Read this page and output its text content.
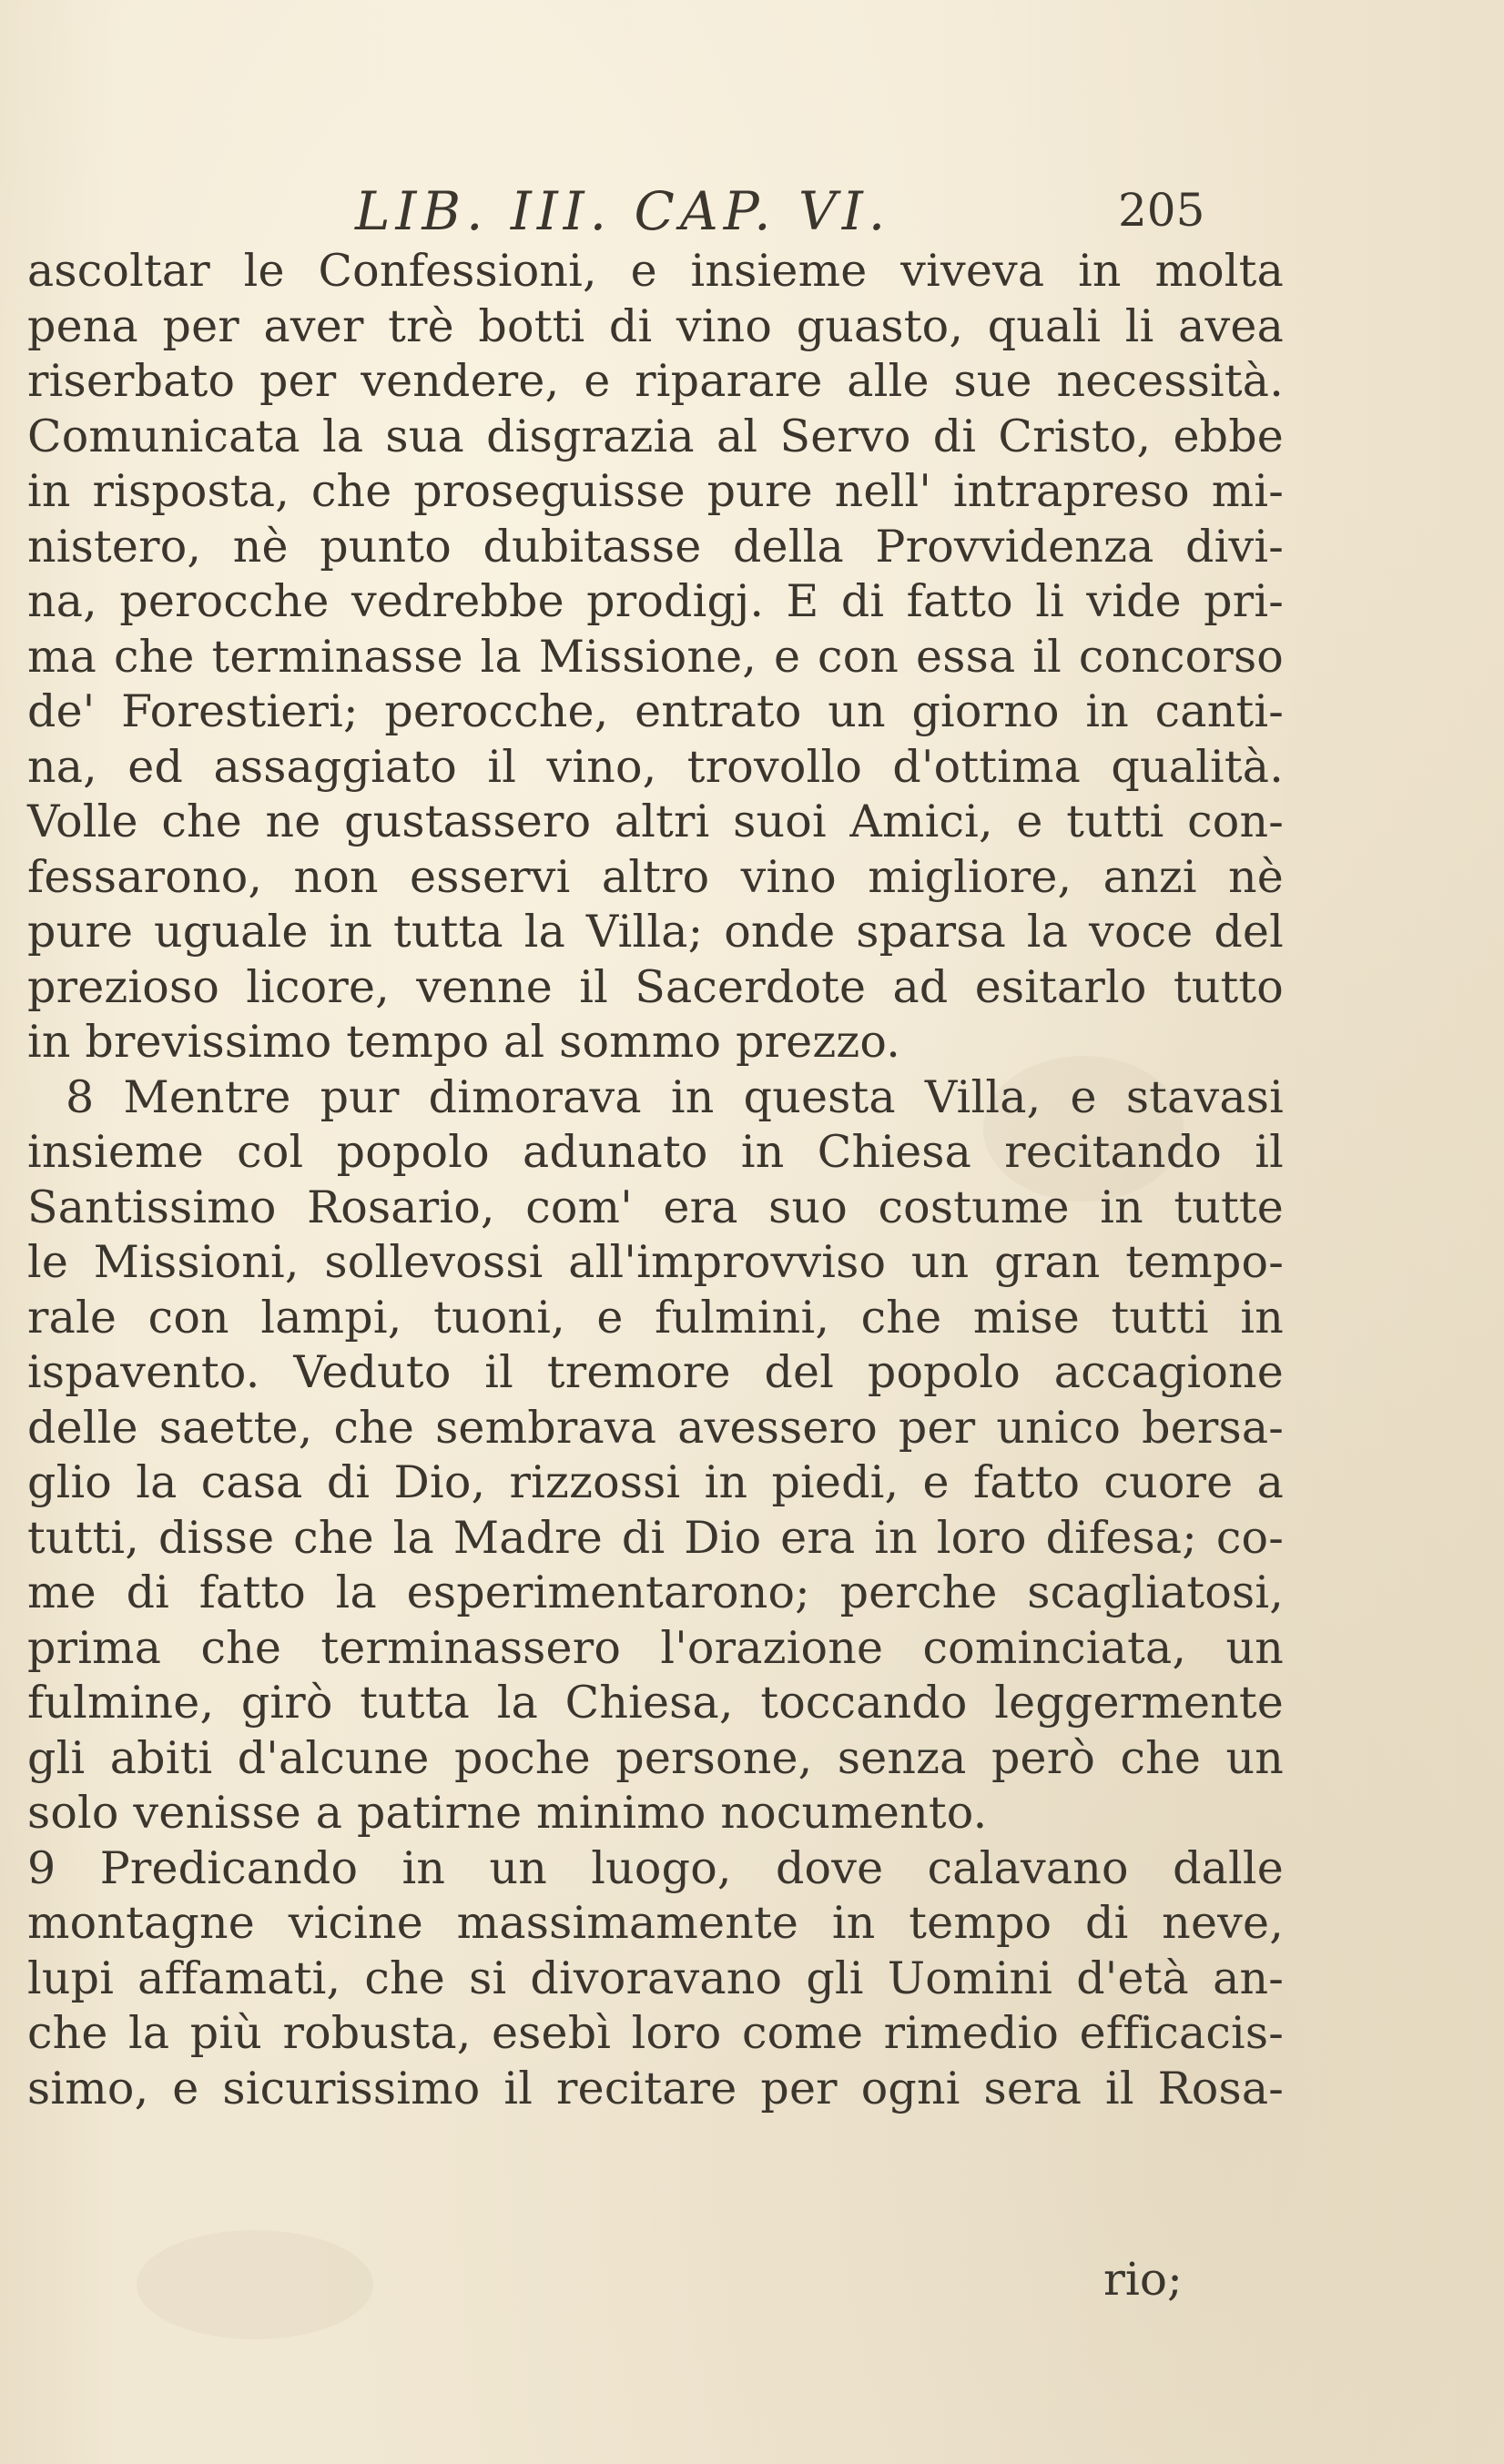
LIB. III. CAP. VI.	205
ascoltar le Confessioni, e insieme viveva in molta
pena per aver trè botti di vino guasto, quali li avea
riserbato per vendere, e riparare alle sue necessità.
Comunicata la sua disgrazia al Servo di Cristo, ebbe
in risposta, che proseguisse pure nell' intrapreso mi-
nistero, nè punto dubitasse della Provvidenza divi-
na, perocche vedrebbe prodigj. E di fatto li vide pri-
ma che terminasse la Missione, e con essa il concorso
de' Forestieri; perocche, entrato un giorno in canti-
na, ed assaggiato il vino, trovollo d'ottima qualità.
Volle che ne gustassero altri suoi Amici, e tutti con-
fessarono, non esservi altro vino migliore, anzi nè
pure uguale in tutta la Villa; onde sparsa la voce del
prezioso licore, venne il Sacerdote ad esitarlo tutto
in brevissimo tempo al sommo prezzo.
8 Mentre pur dimorava in questa Villa, e stavasi
insieme col popolo adunato in Chiesa recitando il
Santissimo Rosario, com' era suo costume in tutte
le Missioni, sollevossi all'improvviso un gran tempo-
rale con lampi, tuoni, e fulmini, che mise tutti in
ispavento. Veduto il tremore del popolo accagione
delle saette, che sembrava avessero per unico bersa-
glio la casa di Dio, rizzossi in piedi, e fatto cuore a
tutti, disse che la Madre di Dio era in loro difesa; co-
me di fatto la esperimentarono; perche scagliatosi,
prima che terminassero l'orazione cominciata, un
fulmine, girò tutta la Chiesa, toccando leggermente
gli abiti d'alcune poche persone, senza però che un
solo venisse a patirne minimo nocumento.
9 Predicando in un luogo, dove calavano dalle
montagne vicine massimamente in tempo di neve,
lupi affamati, che si divoravano gli Uomini d'età an-
che la più robusta, esebì loro come rimedio efficacis-
simo, e sicurissimo il recitare per ogni sera il Rosa-
rio;
